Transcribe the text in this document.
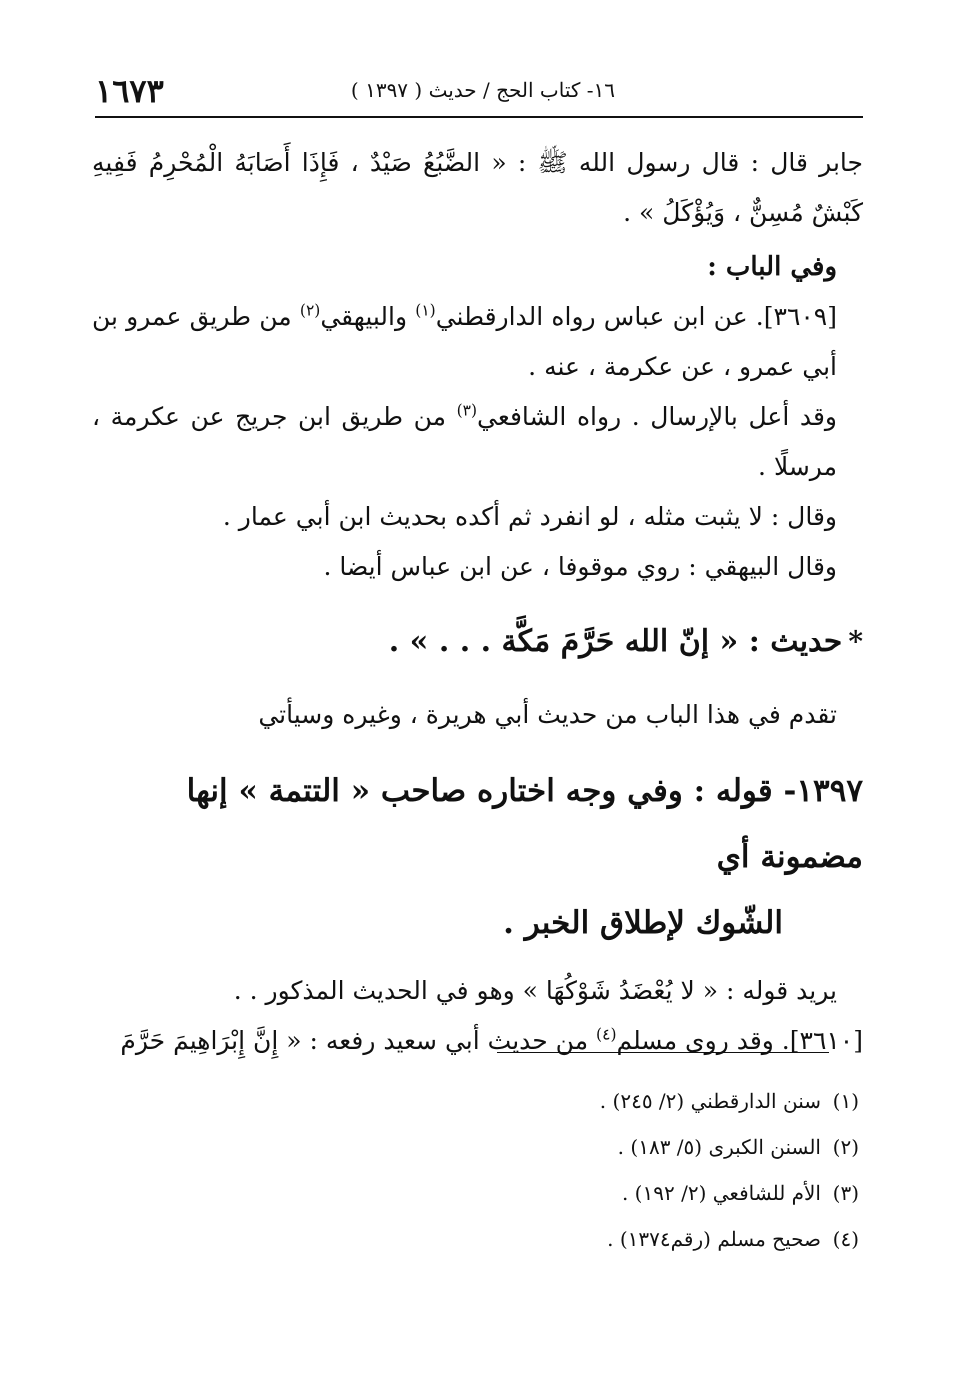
١٦٧٣	١٦- كتاب الحج / حديث ( ١٣٩٧ )

جابر قال : قال رسول الله ﷺ : « الضَّبُعُ صَيْدٌ ، فَإِذَا أَصَابَهُ الْمُحْرِمُ فَفِيهِ كَبْشٌ مُسِنٌّ ، وَيُؤْكَلُ » .

وفي الباب :

[٣٦٠٩]. عن ابن عباس رواه الدارقطني$^{(١)}$ والبيهقي$^{(٢)}$ من طريق عمرو بن أبي عمرو ، عن عكرمة ، عنه .

وقد أعل بالإرسال . رواه الشافعي$^{(٣)}$ من طريق ابن جريج عن عكرمة ، مرسلًا .

وقال : لا يثبت مثله ، لو انفرد ثم أكده بحديث ابن أبي عمار .

وقال البيهقي : روي موقوفا ، عن ابن عباس أيضا .

*حديث : « إنّ الله حَرَّمَ مَكَّة . . . » .

تقدم في هذا الباب من حديث أبي هريرة ، وغيره وسيأتي

١٣٩٧- قوله : وفي وجه اختاره صاحب « التتمة » إنها مضمونة أي
الشّوك لإطلاق الخبر .

يريد قوله : « لا يُعْضَدُ شَوْكُهَا » وهو في الحديث المذكور . .

[٣٦١٠]. وقد روى مسلم$^{(٤)}$ من حديث أبي سعيد رفعه : « إِنَّ إِبْرَاهِيمَ حَرَّمَ

(١)سنن الدارقطني (٢/ ٢٤٥) .

(٢)السنن الكبرى (٥/ ١٨٣) .

(٣)الأم للشافعي (٢/ ١٩٢) .

(٤)صحيح مسلم (رقم١٣٧٤) .
